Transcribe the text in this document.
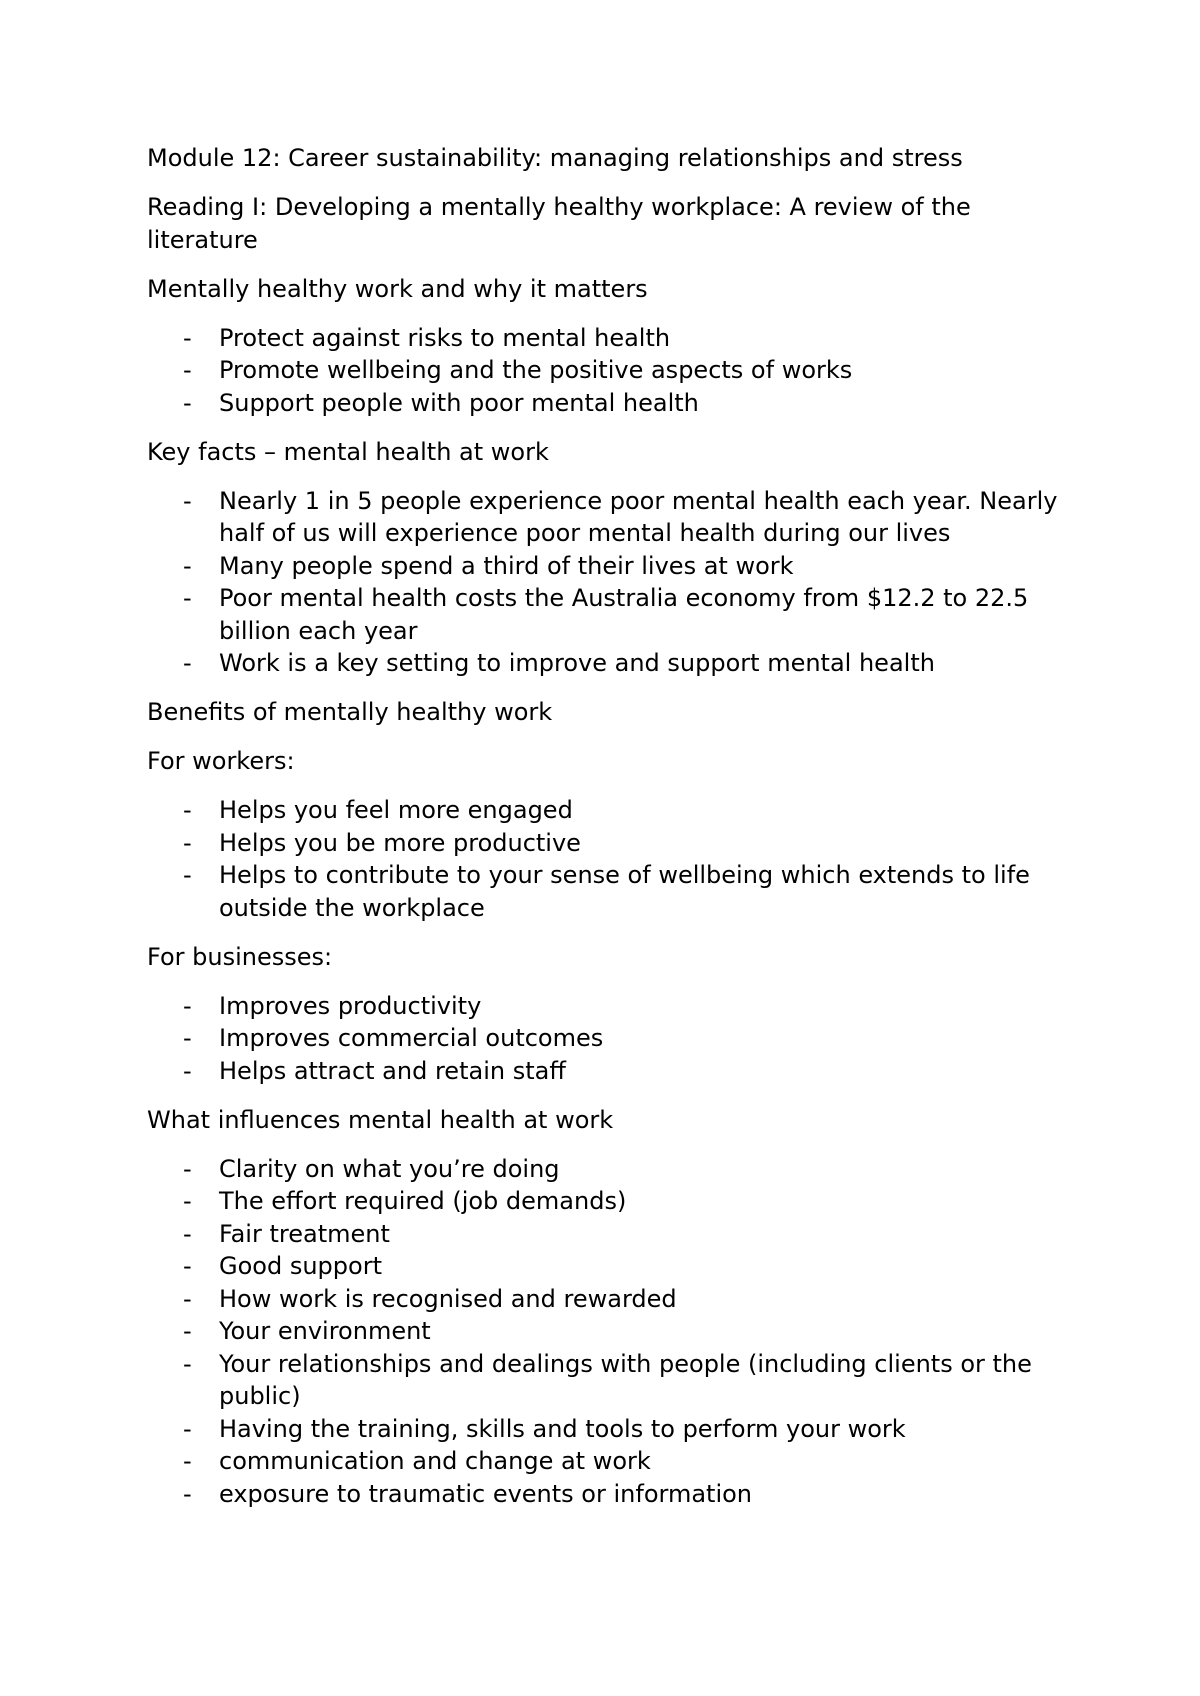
Module 12: Career sustainability: managing relationships and stress

Reading I: Developing a mentally healthy workplace: A review of the literature

Mentally healthy work and why it matters

- Protect against risks to mental health
- Promote wellbeing and the positive aspects of works
- Support people with poor mental health

Key facts – mental health at work

- Nearly 1 in 5 people experience poor mental health each year. Nearly half of us will experience poor mental health during our lives
- Many people spend a third of their lives at work
- Poor mental health costs the Australia economy from $12.2 to 22.5 billion each year
- Work is a key setting to improve and support mental health

Benefits of mentally healthy work

For workers:

- Helps you feel more engaged
- Helps you be more productive
- Helps to contribute to your sense of wellbeing which extends to life outside the workplace

For businesses:

- Improves productivity
- Improves commercial outcomes
- Helps attract and retain staff

What influences mental health at work

- Clarity on what you’re doing
- The effort required (job demands)
- Fair treatment
- Good support
- How work is recognised and rewarded
- Your environment
- Your relationships and dealings with people (including clients or the public)
- Having the training, skills and tools to perform your work
- communication and change at work
- exposure to traumatic events or information
